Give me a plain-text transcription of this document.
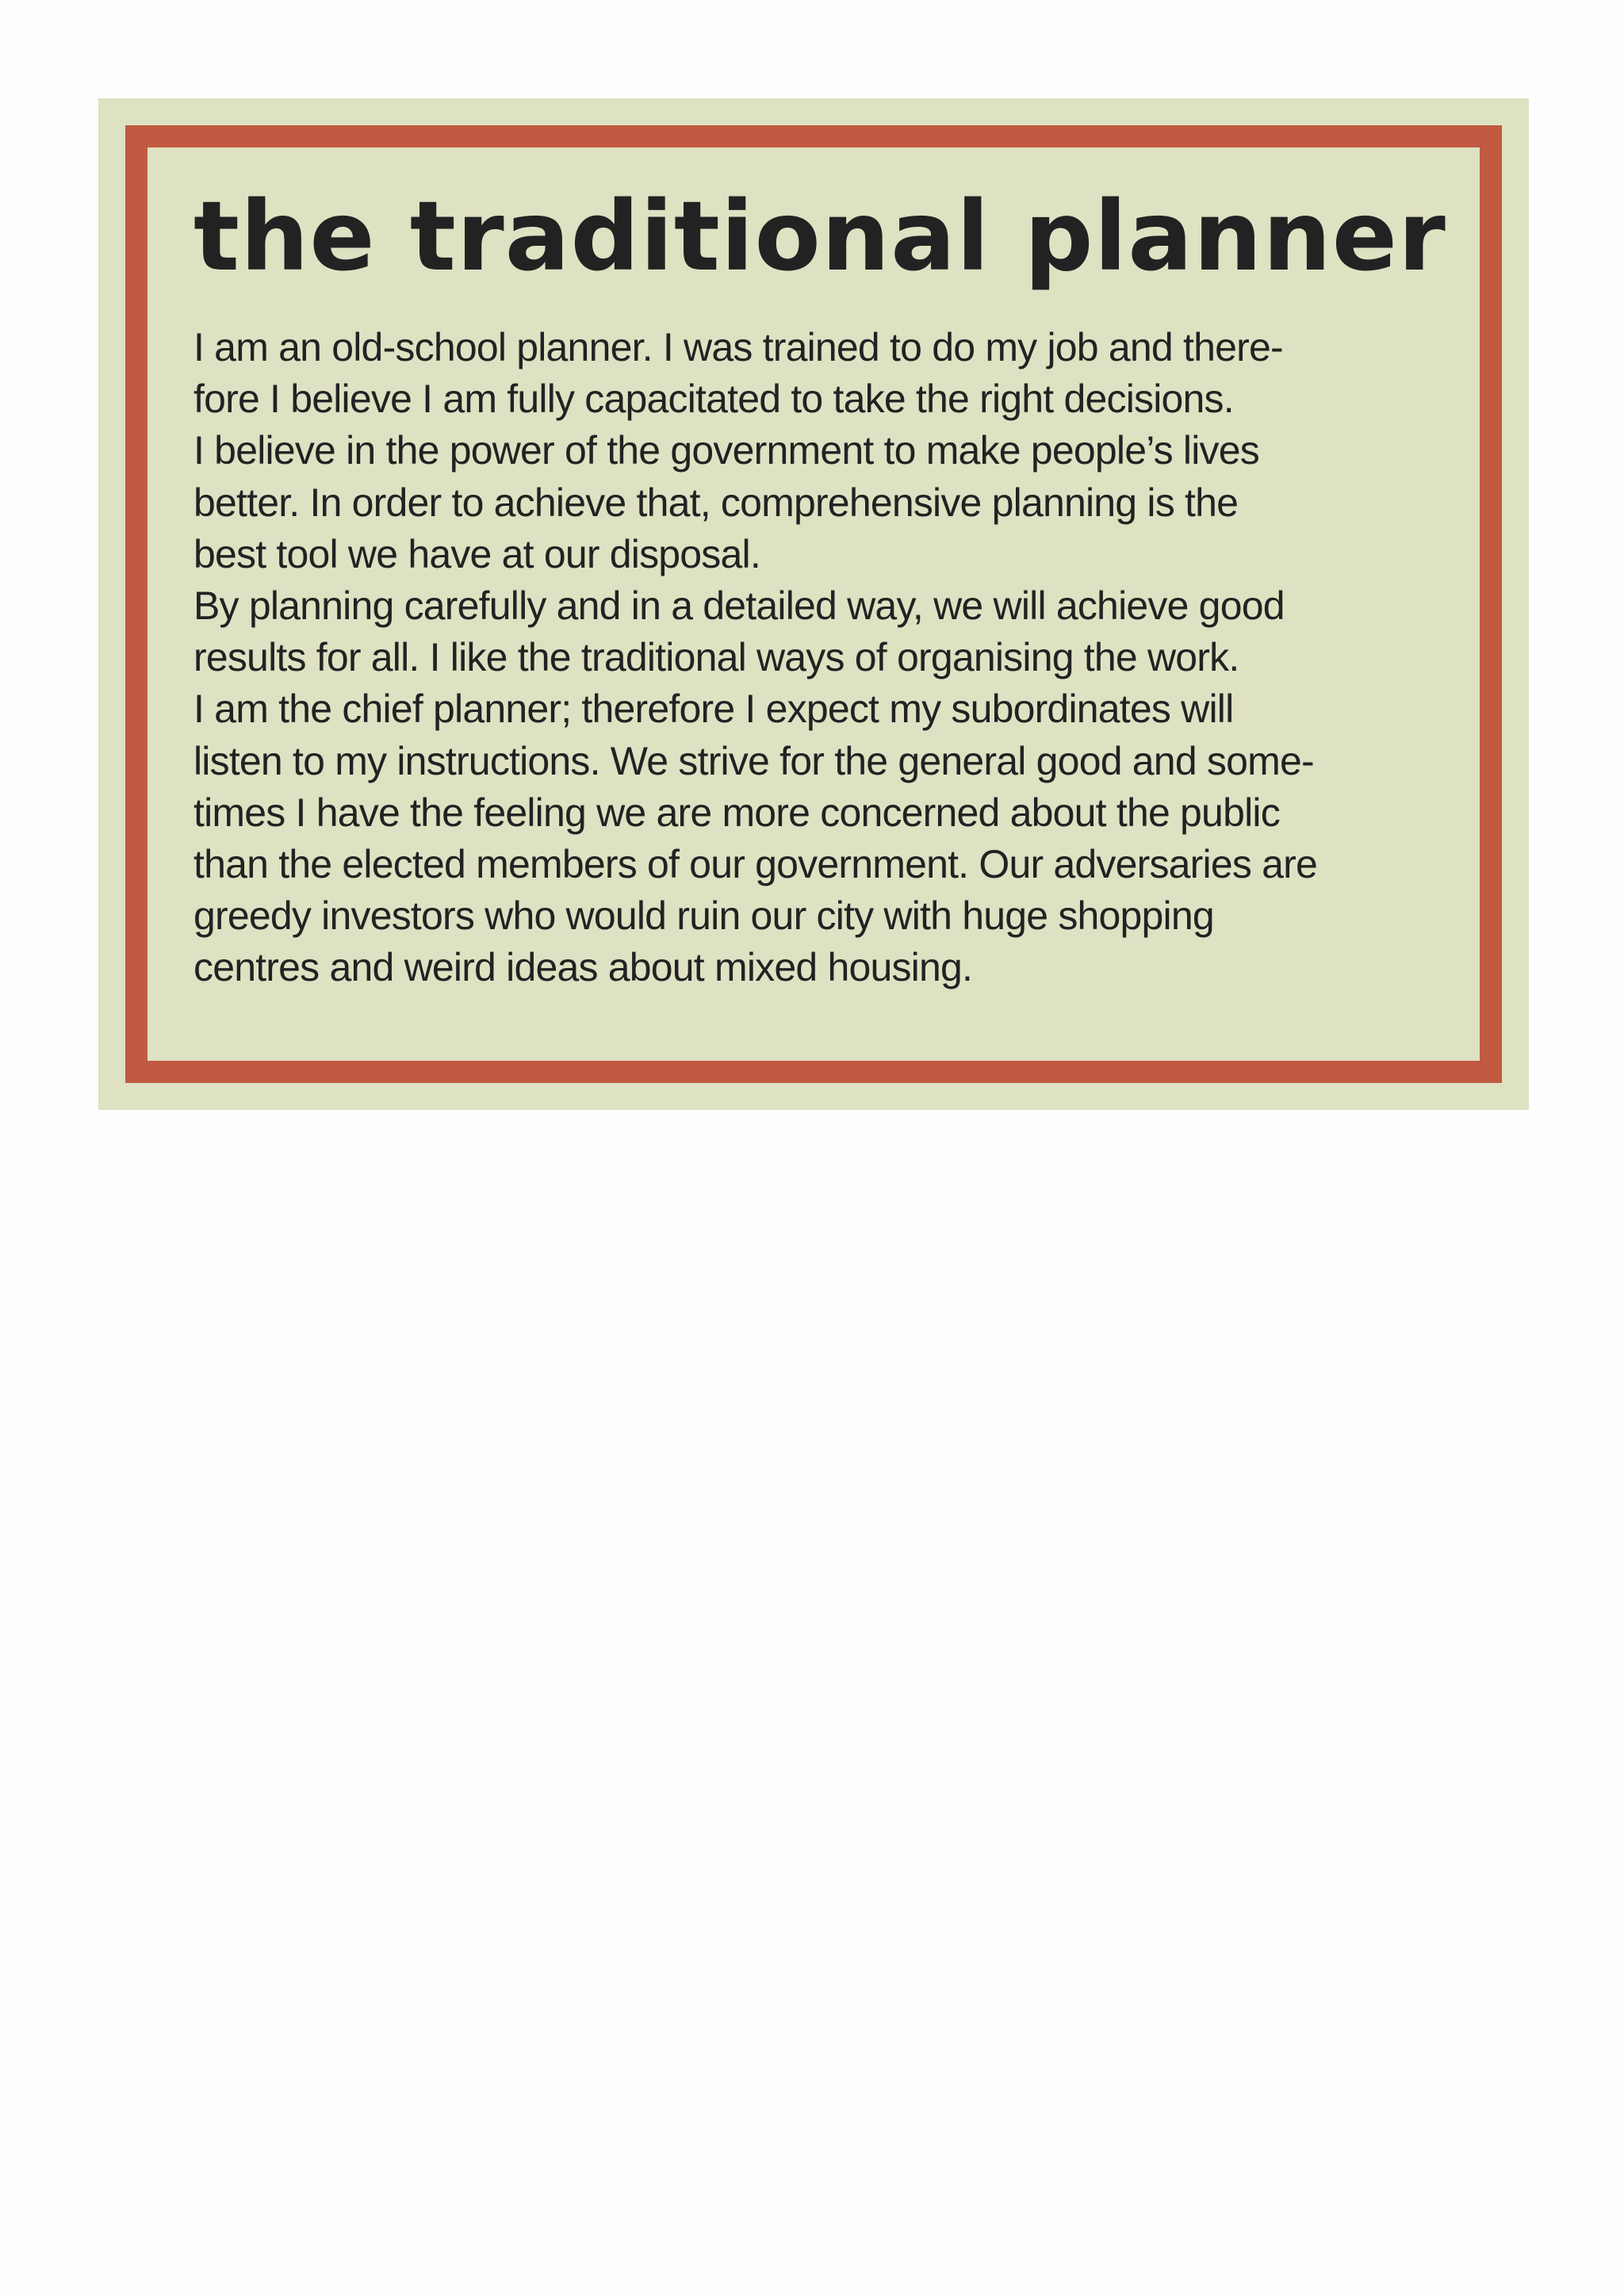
the traditional planner
I am an old-school planner. I was trained to do my job and there-
fore I believe I am fully capacitated to take the right decisions.
I believe in the power of the government to make people’s lives
better. In order to achieve that, comprehensive planning is the
best tool we have at our disposal.
By planning carefully and in a detailed way, we will achieve good
results for all. I like the traditional ways of organising the work.
I am the chief planner; therefore I expect my subordinates will
listen to my instructions. We strive for the general good and some-
times I have the feeling we are more concerned about the public
than the elected members of our government. Our adversaries are
greedy investors who would ruin our city with huge shopping
centres and weird ideas about mixed housing.
